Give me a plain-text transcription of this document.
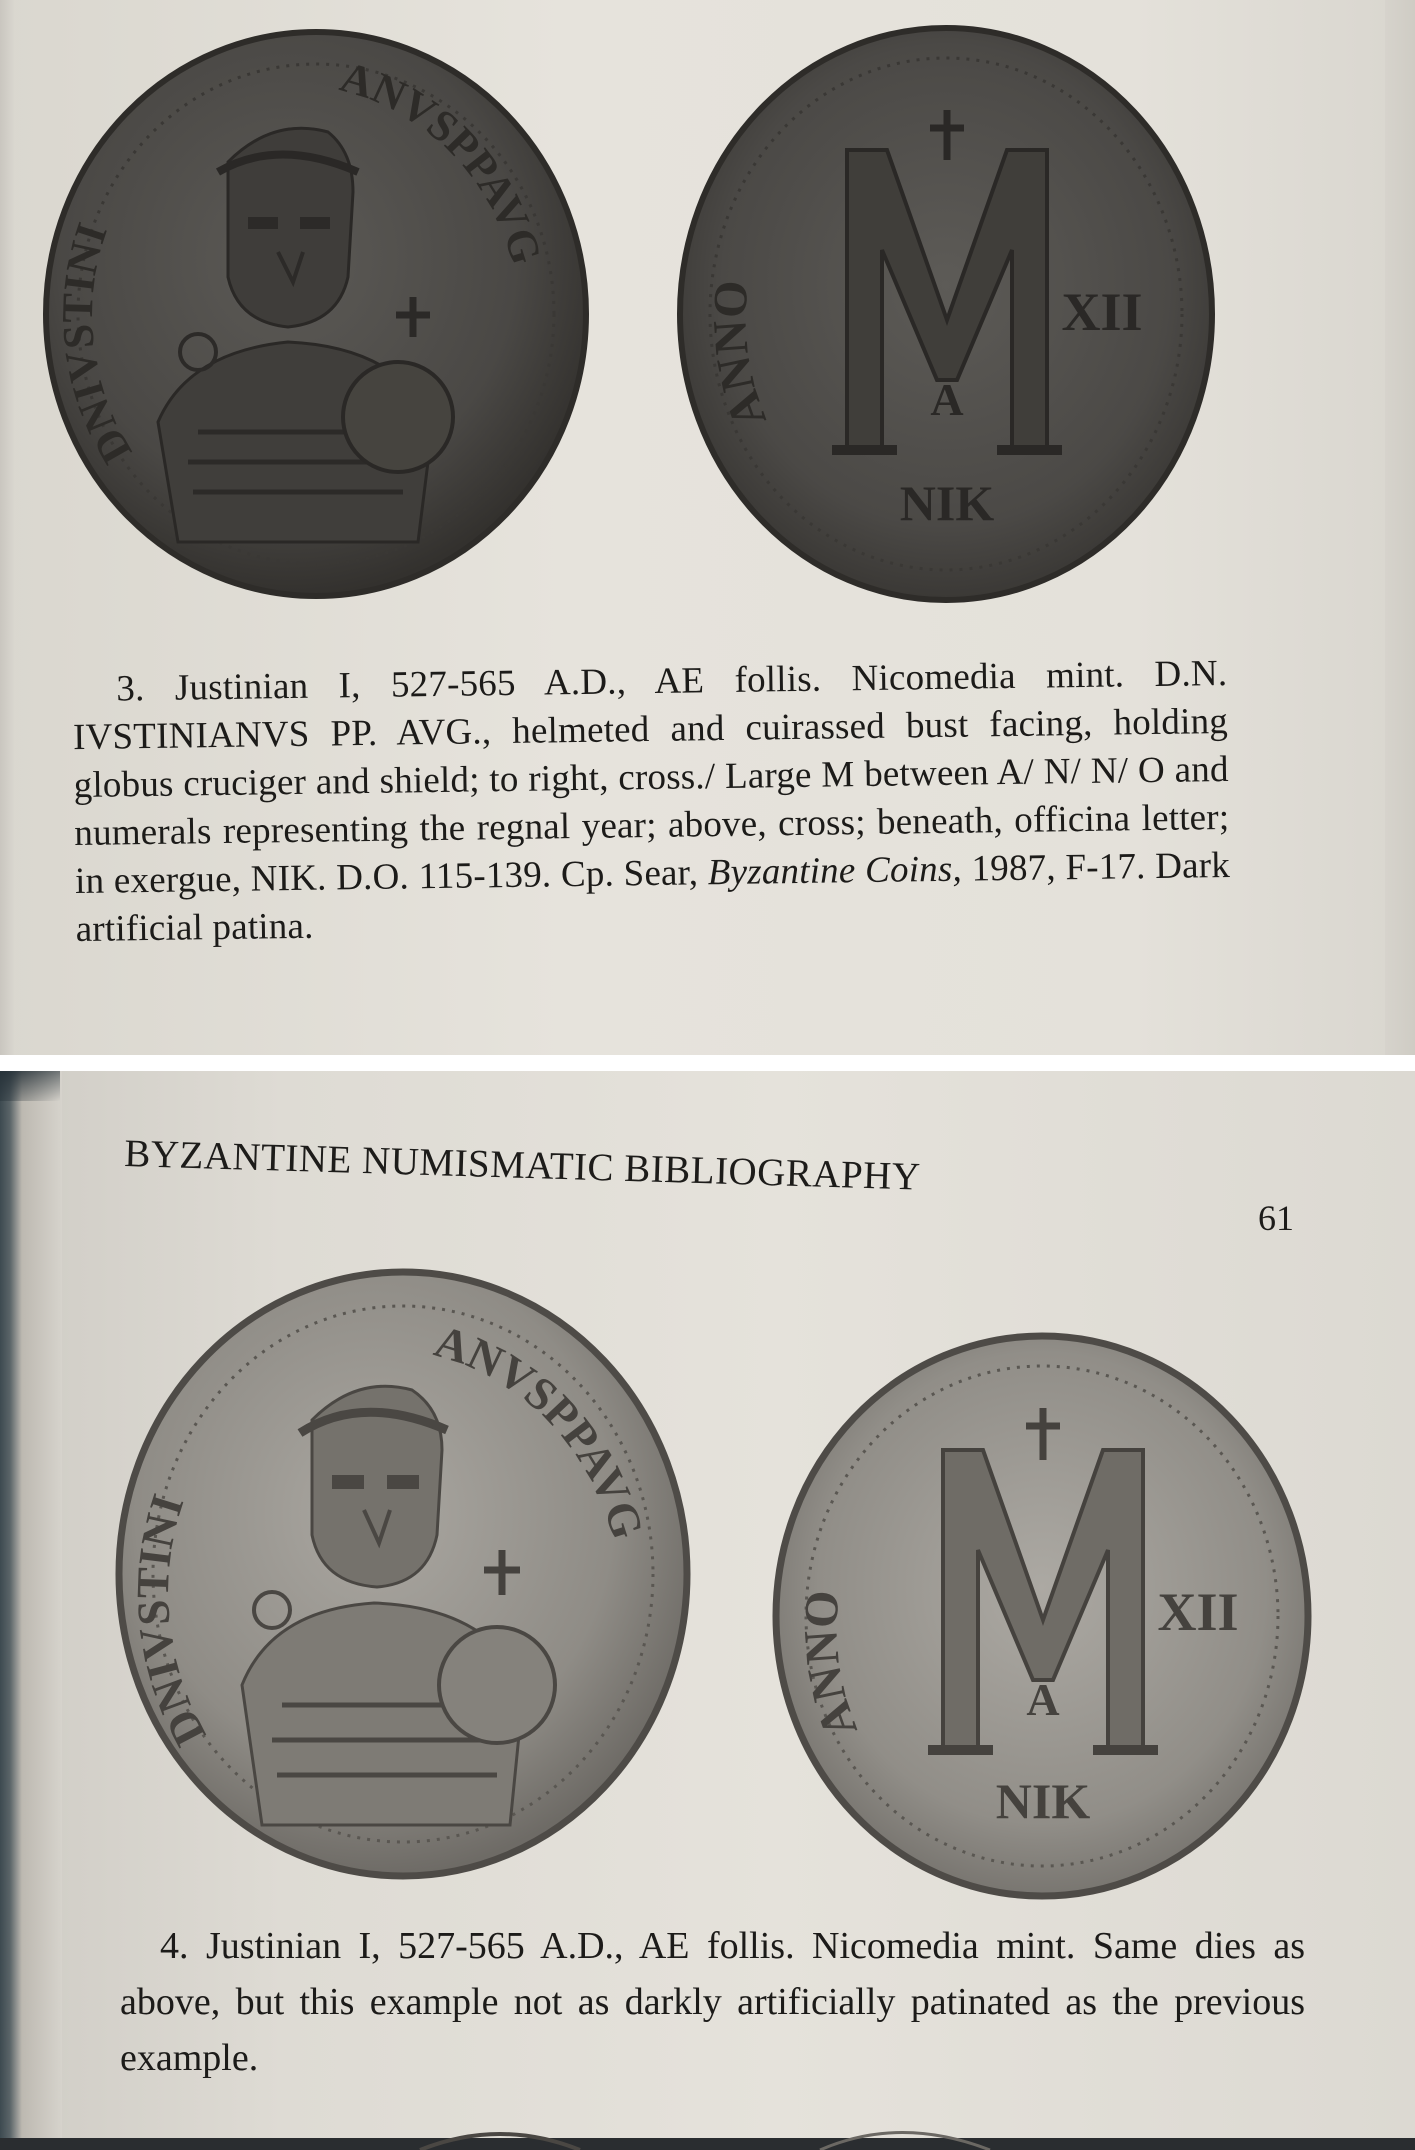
DNIVSTINI
ANVSPPAVG
A
XII
NIK
ANNO

3. Justinian I, 527-565 A.D., AE follis. Nicomedia mint. D.N. IVSTINIANVS PP. AVG., helmeted and cuirassed bust facing, holding globus cruciger and shield; to right, cross./ Large M between A/ N/ N/ O and numerals representing the regnal year; above, cross; beneath, officina letter; in exergue, NIK. D.O. 115-139. Cp. Sear, Byzantine Coins, 1987, F-17. Dark artificial patina.

BYZANTINE NUMISMATIC BIBLIOGRAPHY
61
DNIVSTINI
ANVSPPAVG
A
XII
NIK
ANNO

4. Justinian I, 527-565 A.D., AE follis. Nicomedia mint. Same dies as above, but this example not as darkly artificially patinated as the previous example.
